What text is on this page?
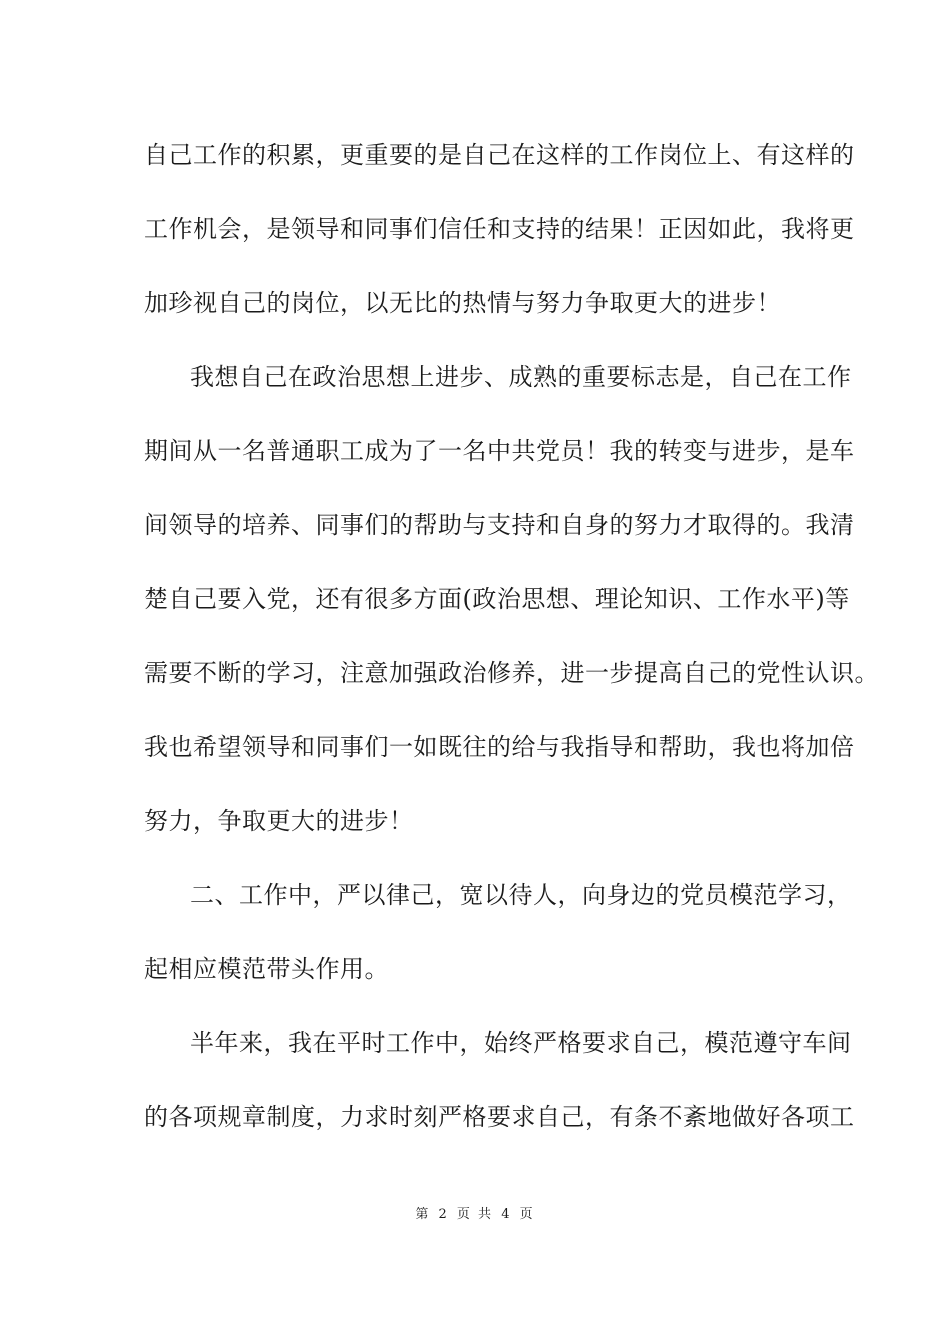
自己工作的积累，更重要的是自己在这样的工作岗位上、有这样的
工作机会，是领导和同事们信任和支持的结果！正因如此，我将更
加珍视自己的岗位，以无比的热情与努力争取更大的进步！
我想自己在政治思想上进步、成熟的重要标志是，自己在工作
期间从一名普通职工成为了一名中共党员！我的转变与进步，是车
间领导的培养、同事们的帮助与支持和自身的努力才取得的。我清
楚自己要入党，还有很多方面(政治思想、理论知识、工作水平)等
需要不断的学习，注意加强政治修养，进一步提高自己的党性认识。
我也希望领导和同事们一如既往的给与我指导和帮助，我也将加倍
努力，争取更大的进步！
二、工作中，严以律己，宽以待人，向身边的党员模范学习，
起相应模范带头作用。
半年来，我在平时工作中，始终严格要求自己，模范遵守车间
的各项规章制度，力求时刻严格要求自己，有条不紊地做好各项工
第 2 页 共 4 页
